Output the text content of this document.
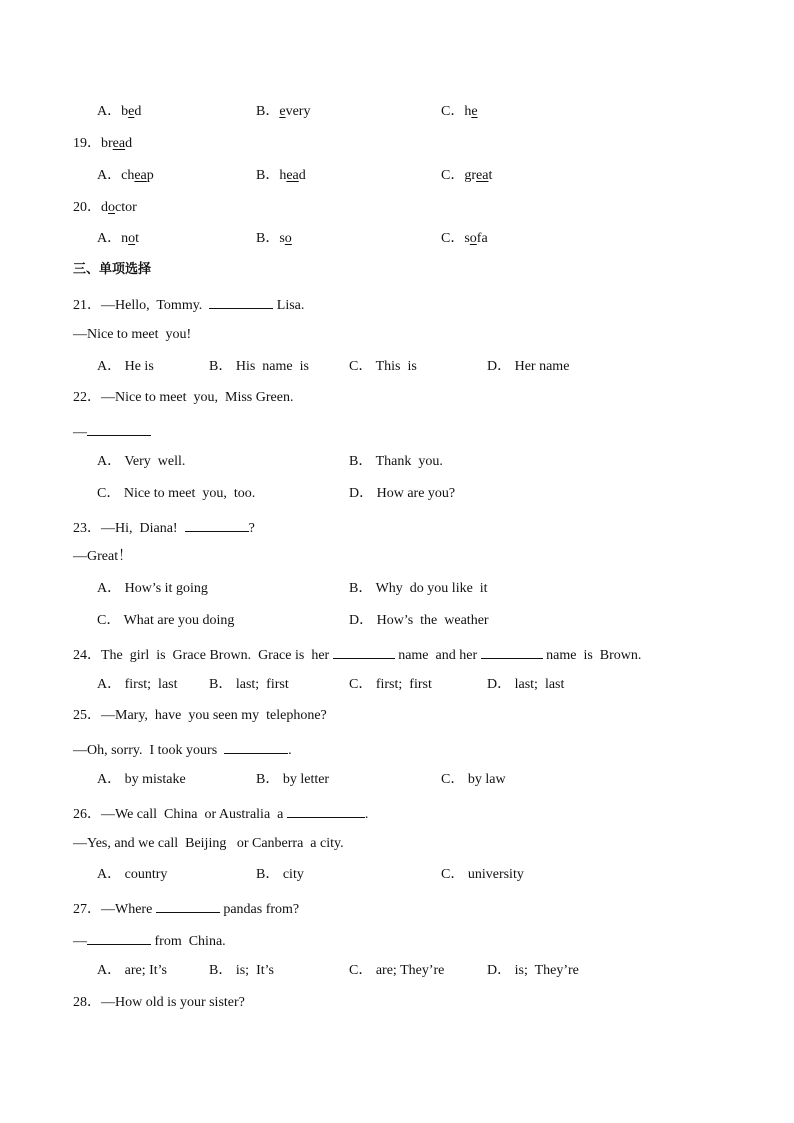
A．bed	B．every	C．he
19．bread
A．cheap	B．head	C．great
20．doctor
A．not	B．so	C．sofa
三、单项选择
21．—Hello,  Tommy.	Lisa.
—Nice to meet  you!
A． He is	B． His  name  is	C． This  is	D． Her name
22．—Nice to meet  you,  Miss Green.
—
A． Very  well.	B． Thank  you.
C． Nice to meet  you,  too.	D． How are you?
23．—Hi,  Diana!	?
—Great！
A． How’s it going	B． Why  do you like  it
C． What are you doing	D． How’s  the  weather
24．The  girl  is  Grace Brown.  Grace is  her	name  and her	name  is  Brown.
A． first;  last B． last;  first	C． first;  first	D． last;  last
25．—Mary,  have  you seen my  telephone?
—Oh, sorry.  I took yours	.
A． by mistake	B． by letter	C． by law
26．—We call  China  or Australia  a	.
—Yes, and we call  Beijing   or Canberra  a city.
A． country	B． city	C． university
27．—Where	pandas from?
—	from  China.
A． are; It’s	B． is;  It’s	C． are; They’re	D． is;  They’re
28．—How old is your sister?
